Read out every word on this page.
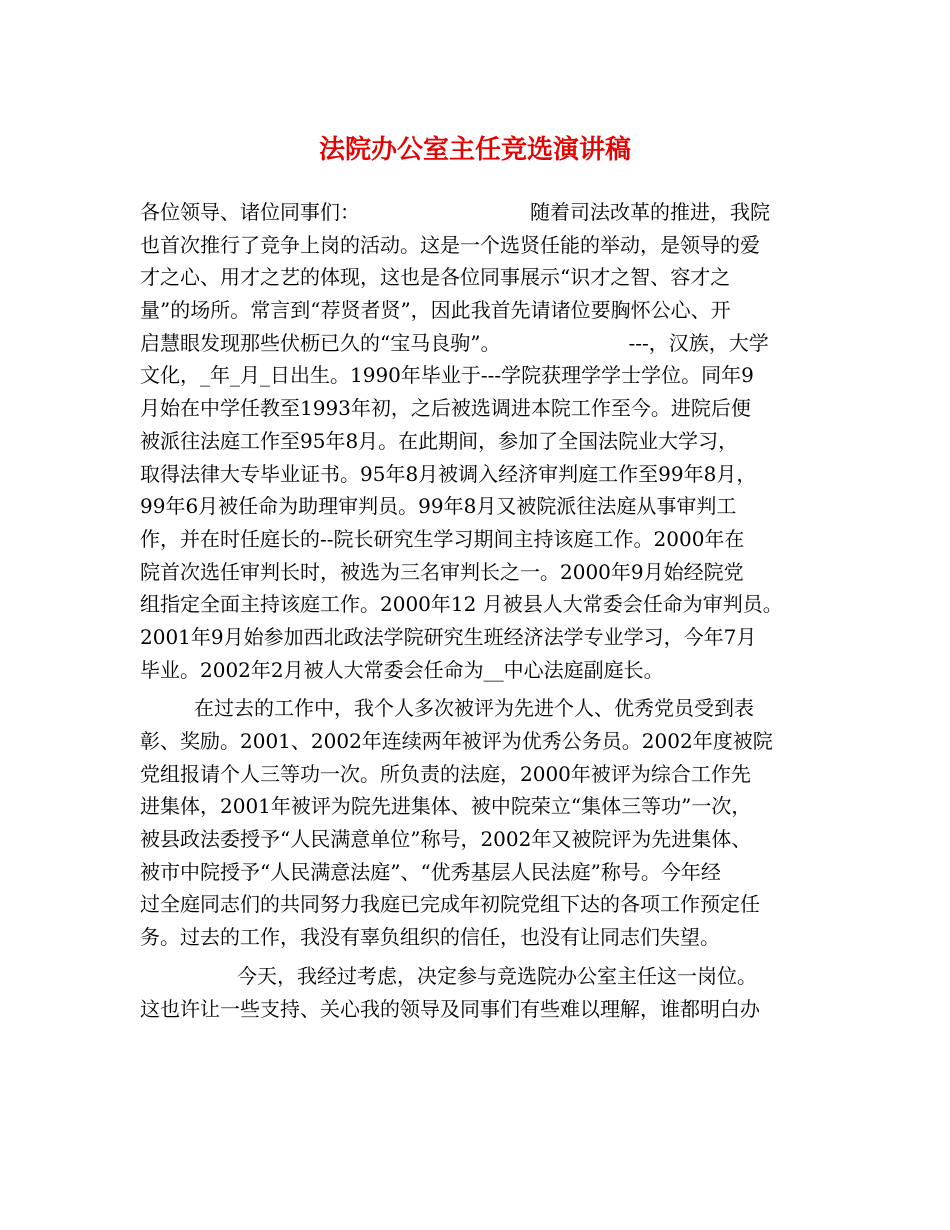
法院办公室主任竞选演讲稿
各位领导、诸位同事们：	随着司法改革的推进，我院
也首次推行了竞争上岗的活动。这是一个选贤任能的举动，是领导的爱
才之心、用才之艺的体现，这也是各位同事展示“识才之智、容才之
量”的场所。常言到“荐贤者贤”，因此我首先请诸位要胸怀公心、开
启慧眼发现那些伏枥已久的“宝马良驹”。	---，汉族，大学
文化，_年_月_日出生。1990年毕业于---学院获理学学士学位。同年9
月始在中学任教至1993年初，之后被选调进本院工作至今。进院后便
被派往法庭工作至95年8月。在此期间，参加了全国法院业大学习，
取得法律大专毕业证书。95年8月被调入经济审判庭工作至99年8月，
99年6月被任命为助理审判员。99年8月又被院派往法庭从事审判工
作，并在时任庭长的--院长研究生学习期间主持该庭工作。2000年在
院首次选任审判长时，被选为三名审判长之一。2000年9月始经院党
组指定全面主持该庭工作。2000年12 月被县人大常委会任命为审判员。
2001年9月始参加西北政法学院研究生班经济法学专业学习，今年7月
毕业。2002年2月被人大常委会任命为__中心法庭副庭长。
在过去的工作中，我个人多次被评为先进个人、优秀党员受到表
彰、奖励。2001、2002年连续两年被评为优秀公务员。2002年度被院
党组报请个人三等功一次。所负责的法庭，2000年被评为综合工作先
进集体，2001年被评为院先进集体、被中院荣立“集体三等功”一次，
被县政法委授予“人民满意单位”称号，2002年又被院评为先进集体、
被市中院授予“人民满意法庭”、“优秀基层人民法庭”称号。今年经
过全庭同志们的共同努力我庭已完成年初院党组下达的各项工作预定任
务。过去的工作，我没有辜负组织的信任，也没有让同志们失望。
今天，我经过考虑，决定参与竞选院办公室主任这一岗位。
这也许让一些支持、关心我的领导及同事们有些难以理解，谁都明白办
